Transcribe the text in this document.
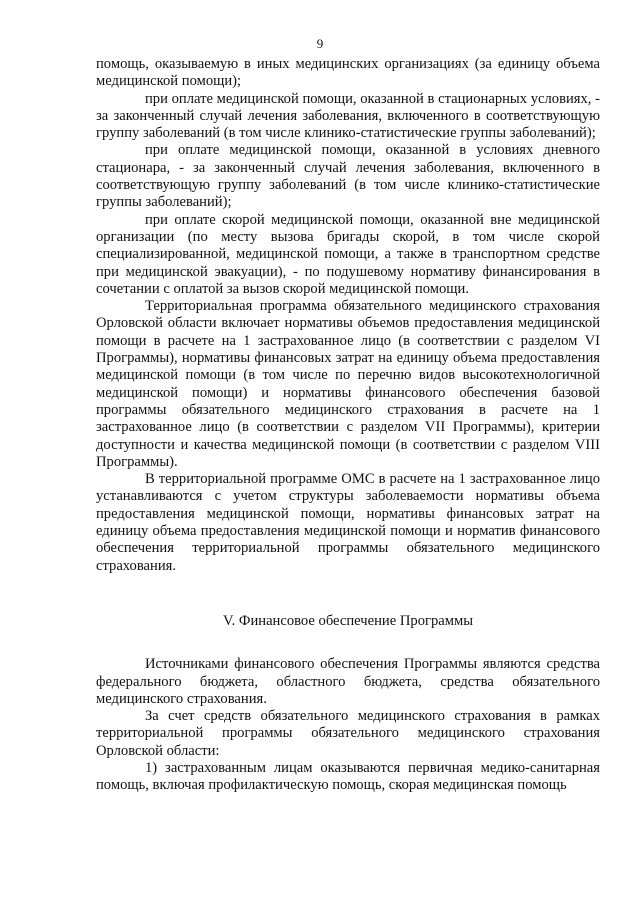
9

помощь, оказываемую в иных медицинских организациях (за единицу объема медицинской помощи);

при оплате медицинской помощи, оказанной в стационарных условиях, - за законченный случай лечения заболевания, включенного в соответствующую группу заболеваний (в том числе клинико-статистические группы заболеваний);

при оплате медицинской помощи, оказанной в условиях дневного стационара, - за законченный случай лечения заболевания, включенного в соответствующую группу заболеваний (в том числе клинико-статистические группы заболеваний);

при оплате скорой медицинской помощи, оказанной вне медицинской организации (по месту вызова бригады скорой, в том числе скорой специализированной, медицинской помощи, а также в транспортном средстве при медицинской эвакуации), - по подушевому нормативу финансирования в сочетании с оплатой за вызов скорой медицинской помощи.

Территориальная программа обязательного медицинского страхования Орловской области включает нормативы объемов предоставления медицинской помощи в расчете на 1 застрахованное лицо (в соответствии с разделом VI Программы), нормативы финансовых затрат на единицу объема предоставления медицинской помощи (в том числе по перечню видов высокотехнологичной медицинской помощи) и нормативы финансового обеспечения базовой программы обязательного медицинского страхования в расчете на 1 застрахованное лицо (в соответствии с разделом VII Программы), критерии доступности и качества медицинской помощи (в соответствии с разделом VIII Программы).

В территориальной программе ОМС в расчете на 1 застрахованное лицо устанавливаются с учетом структуры заболеваемости нормативы объема предоставления медицинской помощи, нормативы финансовых затрат на единицу объема предоставления медицинской помощи и норматив финансового обеспечения территориальной программы обязательного медицинского страхования.

V. Финансовое обеспечение Программы

Источниками финансового обеспечения Программы являются средства федерального бюджета, областного бюджета, средства обязательного медицинского страхования.

За счет средств обязательного медицинского страхования в рамках территориальной программы обязательного медицинского страхования Орловской области:

1) застрахованным лицам оказываются первичная медико-санитарная помощь, включая профилактическую помощь, скорая медицинская помощь
